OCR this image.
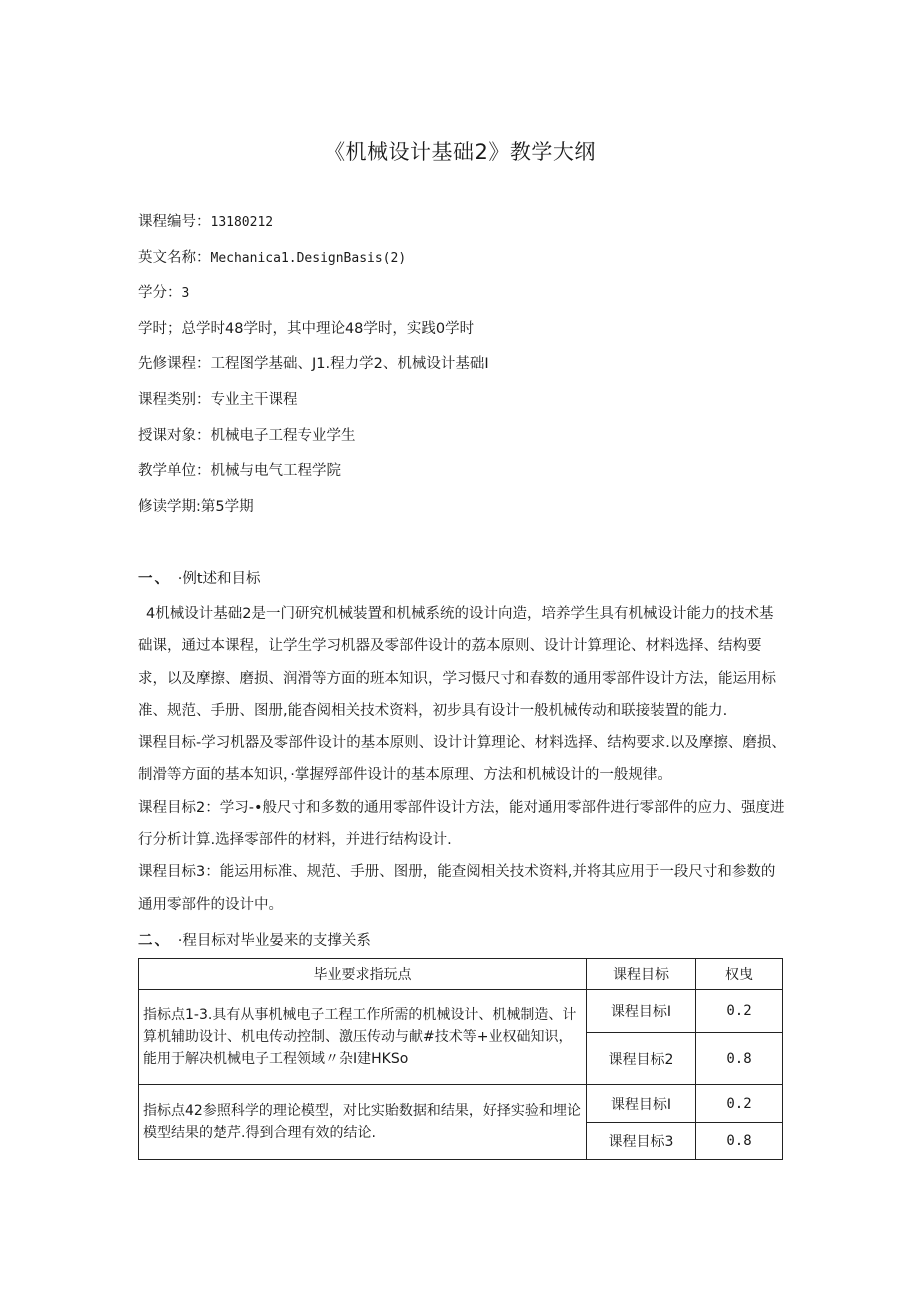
《机械设计基础2》教学大纲
课程编号：13180212
英文名称：Mechanica1.DesignBasis(2)
学分：3
学时；总学时48学时，其中理论48学时，实践0学时
先修课程：工程图学基础、J1.程力学2、机械设计基础I
课程类别：专业主干课程
授课对象：机械电子工程专业学生
教学单位：机械与电气工程学院
修读学期:第5学期
一、 ·例t述和目标

4机械设计基础2是一门研究机械装置和机械系统的设计向造，培养学生具有机械设计能力的技术基础课，通过本课程，让学生学习机器及零部件设计的荔本原则、设计计算理论、材料选择、结构要求，以及摩擦、磨损、润滑等方面的班本知识，学习慑尺寸和春数的通用零部件设计方法，能运用标准、规范、手册、图册,能杳阅相关技术资料，初步具有设计一般机械传动和联接装置的能力.

课程目标-学习机器及零部件设计的基本原则、设计计算理论、材料选择、结构要求.以及摩擦、磨损、制滑等方面的基本知识，·掌握殍部件设计的基本原理、方法和机械设计的一般规律。

课程目标2：学习-•般尺寸和多数的通用零部件设计方法，能对通用零部件进行零部件的应力、强度进行分析计算.选择零部件的材料，并进行结构设计.

课程目标3：能运用标准、规范、手册、图册，能查阅相关技术资料,并将其应用于一段尺寸和参数的通用零部件的设计中。

二、 ·程目标对毕业晏来的支撑关系
毕业要求指玩点	课程目标	权曳
指标点1-3.具有从事机械电子工程工作所需的机械设计、机械制造、计算机辅助设计、机电传动控制、激压传动与献#技术等+业权础知识，能用于解决机械电子工程领域〃杂I建HKSo	课程目标I	0.2
	课程目标2	0.8
指标点42参照科学的理论模型，对比实貽数据和结果，好择实验和埋论模型结果的楚芹.得到合理有效的结论.	课程目标I	0.2
	课程目标3	0.8
